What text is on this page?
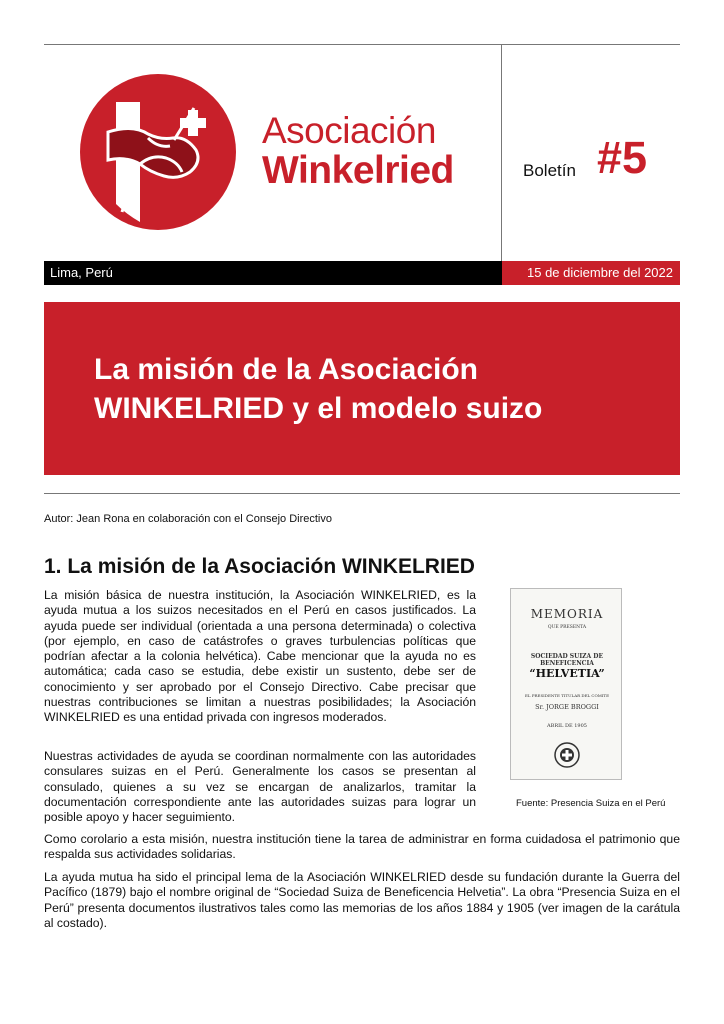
Asociación
Winkelried	Boletín #5
Lima, Perú	15 de diciembre del 2022
La misión de la Asociación
WINKELRIED y el modelo suizo
Autor: Jean Rona en colaboración con el Consejo Directivo
1. La misión de la Asociación WINKELRIED

La misión básica de nuestra institución, la Asociación WINKELRIED, es la ayuda mutua a los suizos necesitados en el Perú en casos justificados. La ayuda puede ser individual (orientada a una persona determinada) o colectiva (por ejemplo, en caso de catástrofes o graves turbulencias políticas que podrían afectar a la colonia helvética). Cabe mencionar que la ayuda no es automática; cada caso se estudia, debe existir un sustento, debe ser de conocimiento y ser aprobado por el Consejo Directivo. Cabe precisar que nuestras contribuciones se limitan a nuestras posibilidades; la Asociación WINKELRIED es una entidad privada con ingresos moderados.

Nuestras actividades de ayuda se coordinan normalmente con las autoridades consulares suizas en el Perú. Generalmente los casos se presentan al consulado, quienes a su vez se encargan de analizarlos, tramitar la documentación correspondiente ante las autoridades suizas para lograr un posible apoyo y hacer seguimiento.

Como corolario a esta misión, nuestra institución tiene la tarea de administrar en forma cuidadosa el patrimonio que respalda sus actividades solidarias.

La ayuda mutua ha sido el principal lema de la Asociación WINKELRIED desde su fundación durante la Guerra del Pacífico (1879) bajo el nombre original de “Sociedad Suiza de Beneficencia Helvetia”. La obra “Presencia Suiza en el Perú” presenta documentos ilustrativos tales como las memorias de los años 1884 y 1905 (ver imagen de la carátula al costado).

MEMORIA
QUE PRESENTA
SOCIEDAD SUIZA DE BENEFICENCIA
“HELVETIA”
EL PRESIDENTE TITULAR DEL COMITE
Sr. JORGE BROGGI
ABRIL DE 1905
Fuente: Presencia Suiza en el Perú
